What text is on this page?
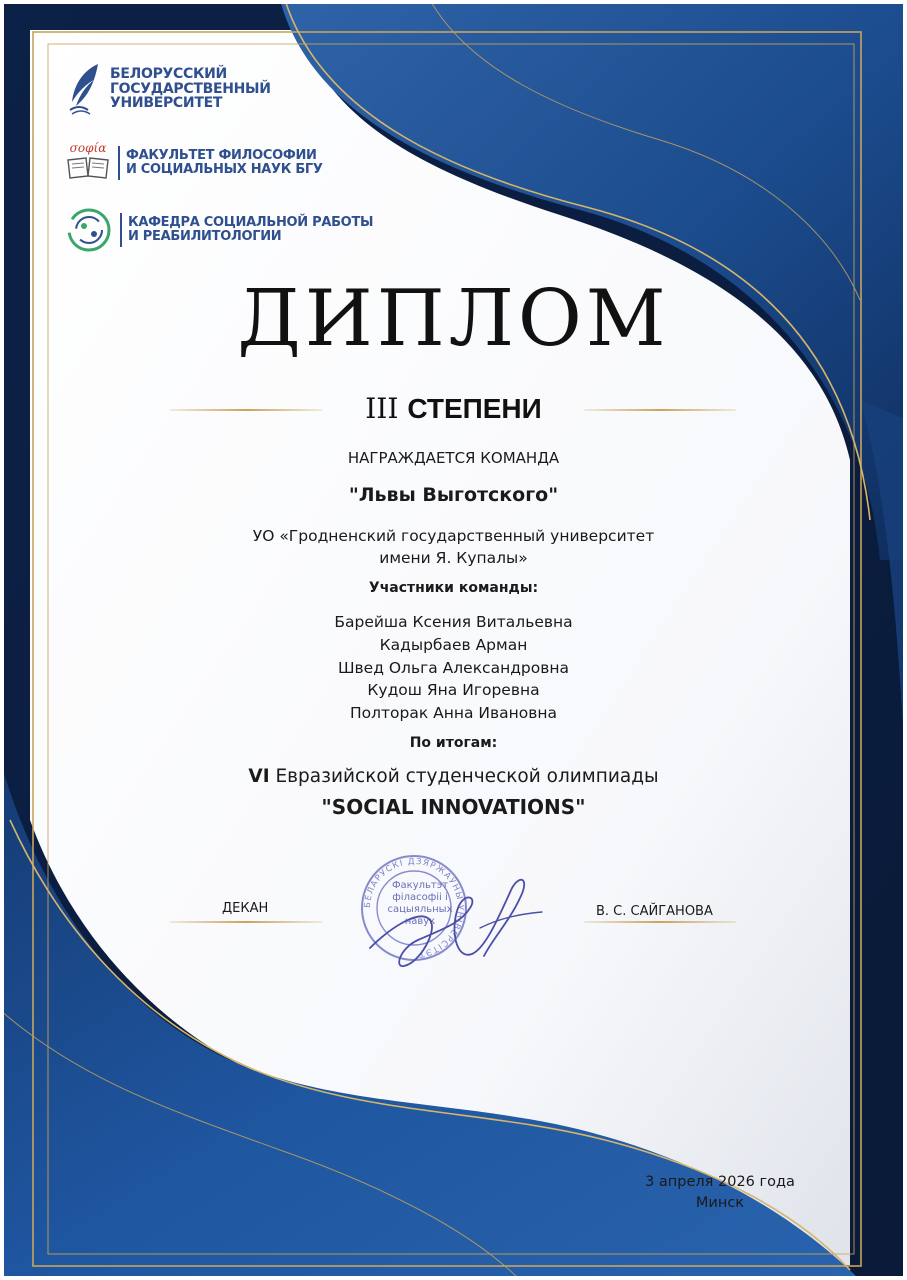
БЕЛОРУССКИЙ
ГОСУДАРСТВЕННЫЙ
УНИВЕРСИТЕТ
σοφία
ФАКУЛЬТЕТ ФИЛОСОФИИ
И СОЦИАЛЬНЫХ НАУК БГУ
КАФЕДРА СОЦИАЛЬНОЙ РАБОТЫ
И РЕАБИЛИТОЛОГИИ
ДИПЛОМ
III СТЕПЕНИ
НАГРАЖДАЕТСЯ КОМАНДА
"Львы Выготского"
УО «Гродненский государственный университет
имени Я. Купалы»
Участники команды:
Барейша Ксения Витальевна
Кадырбаев Арман
Швед Ольга Александровна
Кудош Яна Игоревна
Полторак Анна Ивановна
По итогам:
VI Евразийской студенческой олимпиады
"SOCIAL INNOVATIONS"
ДЕКАН	В. С. САЙГАНОВА
БЕЛАРУСКІ ДЗЯРЖАЎНЫ ЎНІВЕРСІТЭТ
Факультэт
філасофіі і
сацыяльных
навук
3 апреля 2026 года
Минск
